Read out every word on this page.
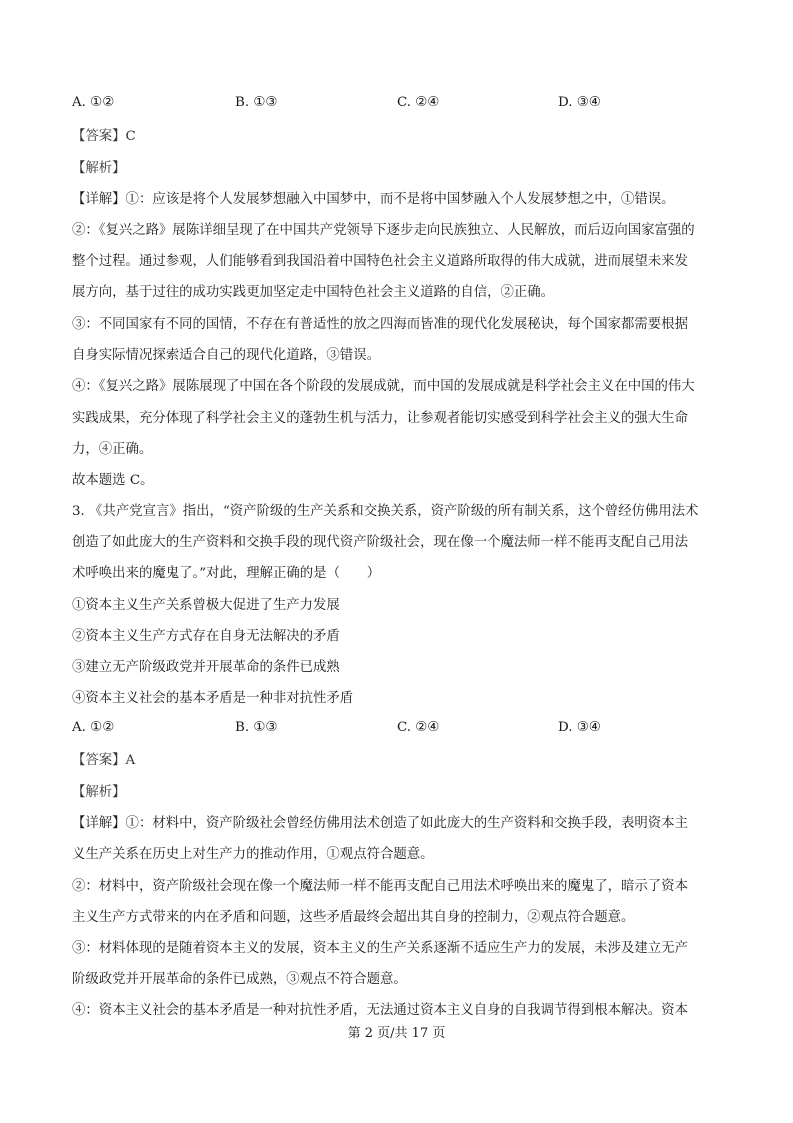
A. ①②	B. ①③	C. ②④	D. ③④
【答案】C
【解析】
【详解】①：应该是将个人发展梦想融入中国梦中，而不是将中国梦融入个人发展梦想之中，①错误。
②：《复兴之路》展陈详细呈现了在中国共产党领导下逐步走向民族独立、人民解放，而后迈向国家富强的
整个过程。通过参观，人们能够看到我国沿着中国特色社会主义道路所取得的伟大成就，进而展望未来发
展方向，基于过往的成功实践更加坚定走中国特色社会主义道路的自信，②正确。
③：不同国家有不同的国情，不存在有普适性的放之四海而皆准的现代化发展秘诀，每个国家都需要根据
自身实际情况探索适合自己的现代化道路，③错误。
④：《复兴之路》展陈展现了中国在各个阶段的发展成就，而中国的发展成就是科学社会主义在中国的伟大
实践成果，充分体现了科学社会主义的蓬勃生机与活力，让参观者能切实感受到科学社会主义的强大生命
力，④正确。
故本题选 C。
3. 《共产党宣言》指出，“资产阶级的生产关系和交换关系，资产阶级的所有制关系，这个曾经仿佛用法术
创造了如此庞大的生产资料和交换手段的现代资产阶级社会，现在像一个魔法师一样不能再支配自己用法
术呼唤出来的魔鬼了。”对此，理解正确的是（　　）
①资本主义生产关系曾极大促进了生产力发展
②资本主义生产方式存在自身无法解决的矛盾
③建立无产阶级政党并开展革命的条件已成熟
④资本主义社会的基本矛盾是一种非对抗性矛盾
A. ①②	B. ①③	C. ②④	D. ③④
【答案】A
【解析】
【详解】①：材料中，资产阶级社会曾经仿佛用法术创造了如此庞大的生产资料和交换手段，表明资本主
义生产关系在历史上对生产力的推动作用，①观点符合题意。
②：材料中，资产阶级社会现在像一个魔法师一样不能再支配自己用法术呼唤出来的魔鬼了，暗示了资本
主义生产方式带来的内在矛盾和问题，这些矛盾最终会超出其自身的控制力，②观点符合题意。
③：材料体现的是随着资本主义的发展，资本主义的生产关系逐渐不适应生产力的发展，未涉及建立无产
阶级政党并开展革命的条件已成熟，③观点不符合题意。
④：资本主义社会的基本矛盾是一种对抗性矛盾，无法通过资本主义自身的自我调节得到根本解决。资本
第 2 页/共 17 页
